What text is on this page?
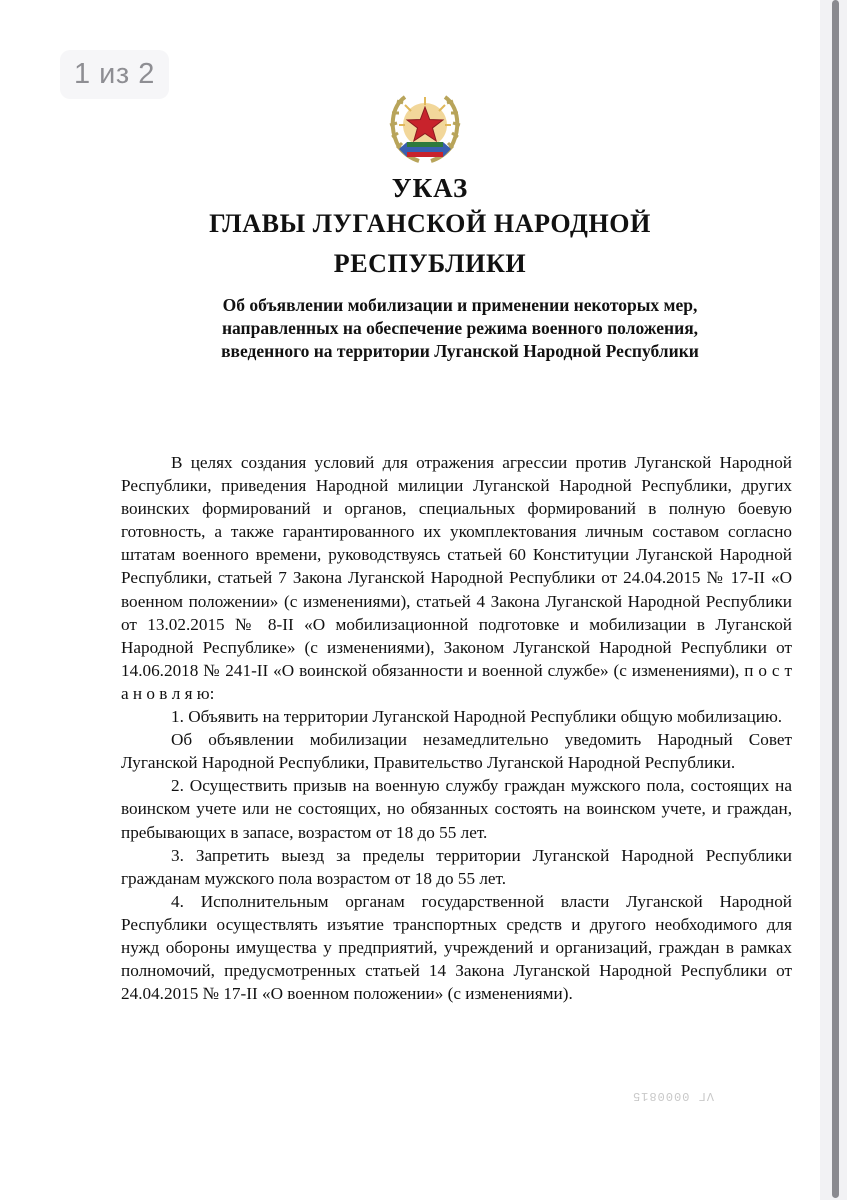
УКАЗ
ГЛАВЫ ЛУГАНСКОЙ НАРОДНОЙ РЕСПУБЛИКИ
Об объявлении мобилизации и применении некоторых мер,
направленных на обеспечение режима военного положения,
введенного на территории Луганской Народной Республики

В целях создания условий для отражения агрессии против Луганской Народной Республики, приведения Народной милиции Луганской Народной Республики, других воинских формирований и органов, специальных формирований в полную боевую готовность, а также гарантированного их укомплектования личным составом согласно штатам военного времени, руководствуясь статьей 60 Конституции Луганской Народной Республики, статьей 7 Закона Луганской Народной Республики от 24.04.2015 № 17-II «О военном положении» (с изменениями), статьей 4 Закона Луганской Народной Республики от 13.02.2015 № 8-II «О мобилизационной подготовке и мобилизации в Луганской Народной Республике» (с изменениями), Законом Луганской Народной Республики от 14.06.2018 № 241-II «О воинской обязанности и военной службе» (с изменениями), п о с т а н о в л я ю:

1. Объявить на территории Луганской Народной Республики общую мобилизацию.

Об объявлении мобилизации незамедлительно уведомить Народный Совет Луганской Народной Республики, Правительство Луганской Народной Республики.

2. Осуществить призыв на военную службу граждан мужского пола, состоящих на воинском учете или не состоящих, но обязанных состоять на воинском учете, и граждан, пребывающих в запасе, возрастом от 18 до 55 лет.

3. Запретить выезд за пределы территории Луганской Народной Республики гражданам мужского пола возрастом от 18 до 55 лет.

4. Исполнительным органам государственной власти Луганской Народной Республики осуществлять изъятие транспортных средств и другого необходимого для нужд обороны имущества у предприятий, учреждений и организаций, граждан в рамках полномочий, предусмотренных статьей 14 Закона Луганской Народной Республики от 24.04.2015 № 17-II «О военном положении» (с изменениями).

VГ 0000815
1 из 2
